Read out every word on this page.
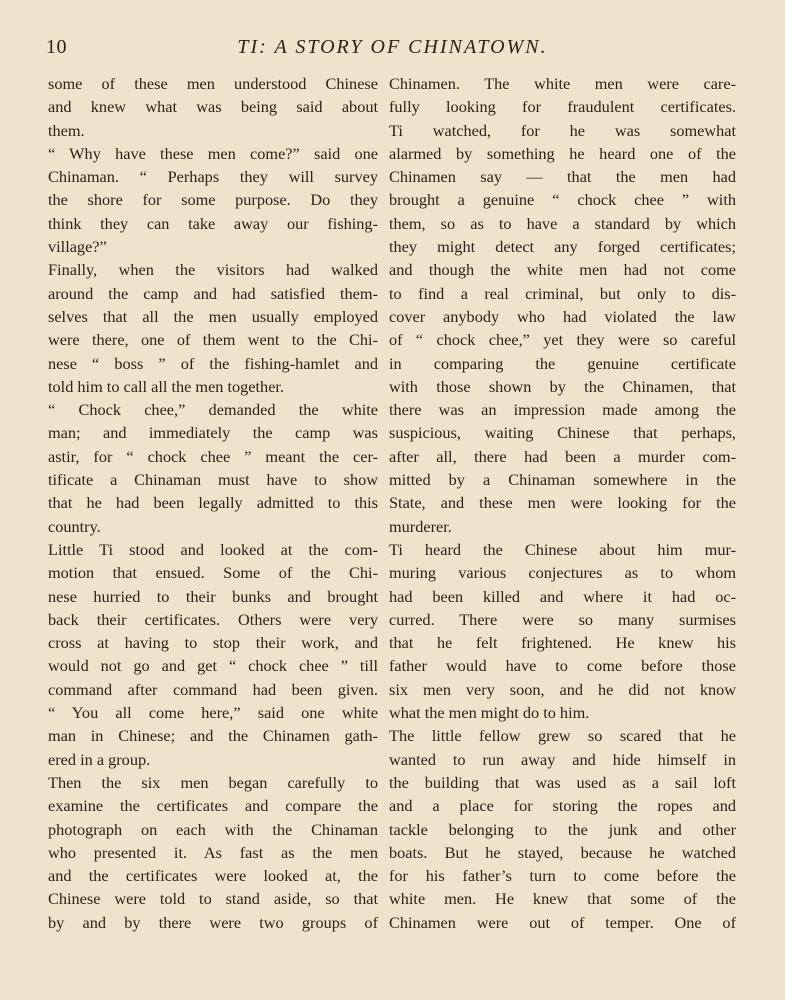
10	TI: A STORY OF CHINATOWN.
some of these men understood Chinese
and knew what was being said about
them.
“ Why have these men come?” said one
Chinaman. “ Perhaps they will survey
the shore for some purpose. Do they
think they can take away our fishing-
village?”
Finally, when the visitors had walked
around the camp and had satisfied them-
selves that all the men usually employed
were there, one of them went to the Chi-
nese “ boss ” of the fishing-hamlet and
told him to call all the men together.
“ Chock chee,” demanded the white
man; and immediately the camp was
astir, for “ chock chee ” meant the cer-
tificate a Chinaman must have to show
that he had been legally admitted to this
country.
Little Ti stood and looked at the com-
motion that ensued. Some of the Chi-
nese hurried to their bunks and brought
back their certificates. Others were very
cross at having to stop their work, and
would not go and get “ chock chee ” till
command after command had been given.
“ You all come here,” said one white
man in Chinese; and the Chinamen gath-
ered in a group.
Then the six men began carefully to
examine the certificates and compare the
photograph on each with the Chinaman
who presented it. As fast as the men
and the certificates were looked at, the
Chinese were told to stand aside, so that
by and by there were two groups of
Chinamen. The white men were care-
fully looking for fraudulent certificates.
Ti watched, for he was somewhat
alarmed by something he heard one of the
Chinamen say — that the men had
brought a genuine “ chock chee ” with
them, so as to have a standard by which
they might detect any forged certificates;
and though the white men had not come
to find a real criminal, but only to dis-
cover anybody who had violated the law
of “ chock chee,” yet they were so careful
in comparing the genuine certificate
with those shown by the Chinamen, that
there was an impression made among the
suspicious, waiting Chinese that perhaps,
after all, there had been a murder com-
mitted by a Chinaman somewhere in the
State, and these men were looking for the
murderer.
Ti heard the Chinese about him mur-
muring various conjectures as to whom
had been killed and where it had oc-
curred. There were so many surmises
that he felt frightened. He knew his
father would have to come before those
six men very soon, and he did not know
what the men might do to him.
The little fellow grew so scared that he
wanted to run away and hide himself in
the building that was used as a sail loft
and a place for storing the ropes and
tackle belonging to the junk and other
boats. But he stayed, because he watched
for his father’s turn to come before the
white men. He knew that some of the
Chinamen were out of temper. One of
